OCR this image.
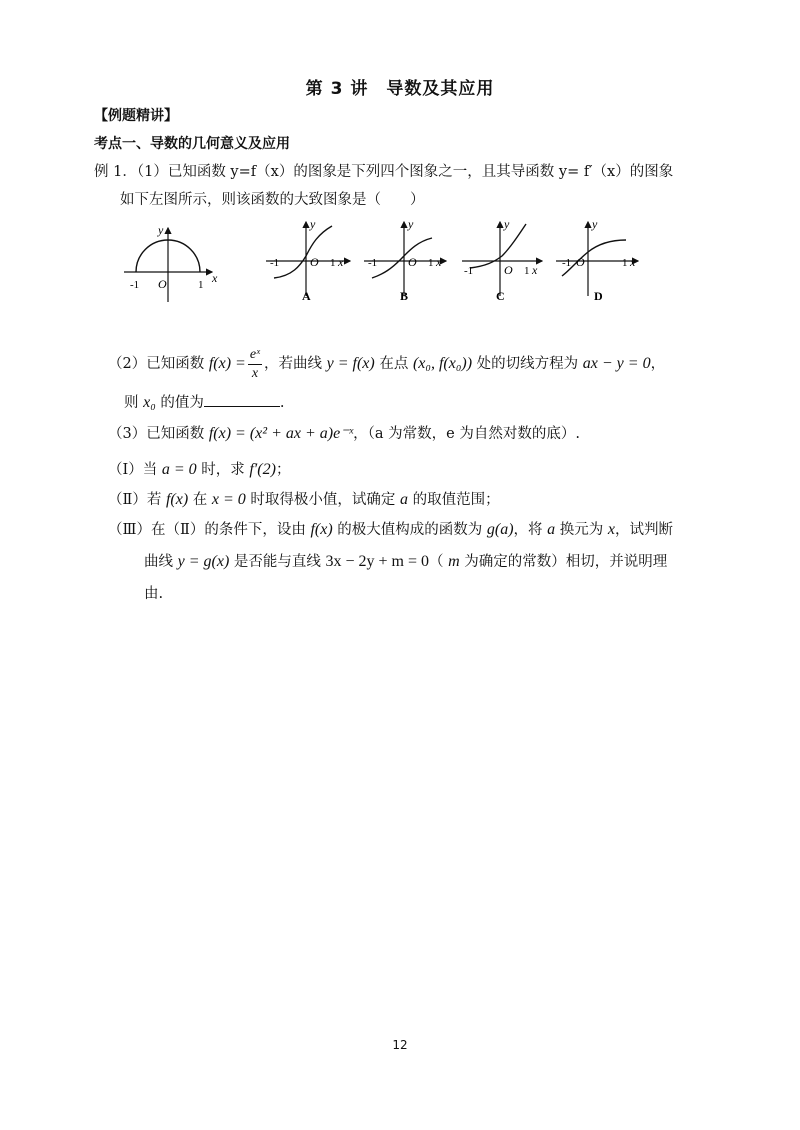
第 3 讲　导数及其应用
【例题精讲】
考点一、导数的几何意义及应用
例 1．（1）已知函数 y=f（x）的图象是下列四个图象之一，且其导函数 y= f′（x）的图象
如下左图所示，则该函数的大致图象是（　　）
y
x
-1 O	1
y
-1	O 1 x
A
y
-1	O 1 x
B
y
-1	O 1 x
C
y
-1 O	1 x
D
（2）已知函数 $f(x) = \frac{\text{eˣ}}{x}$ ，若曲线 y = f(x) 在点 (x₀, f(x₀)) 处的切线方程为 ax − y = 0，
则 x₀ 的值为	.
（3）已知函数 f(x) = (x² + ax + a)e⁻ˣ，（a 为常数，e 为自然对数的底）.
（Ⅰ）当 a = 0 时，求 f′(2)；
（Ⅱ）若 f(x) 在 x = 0 时取得极小值，试确定 a 的取值范围；
（Ⅲ）在（Ⅱ）的条件下，设由 f(x) 的极大值构成的函数为 g(a)，将 a 换元为 x，试判断
曲线 y = g(x) 是否能与直线 3x − 2y + m = 0（ m 为确定的常数）相切，并说明理
由.
12
